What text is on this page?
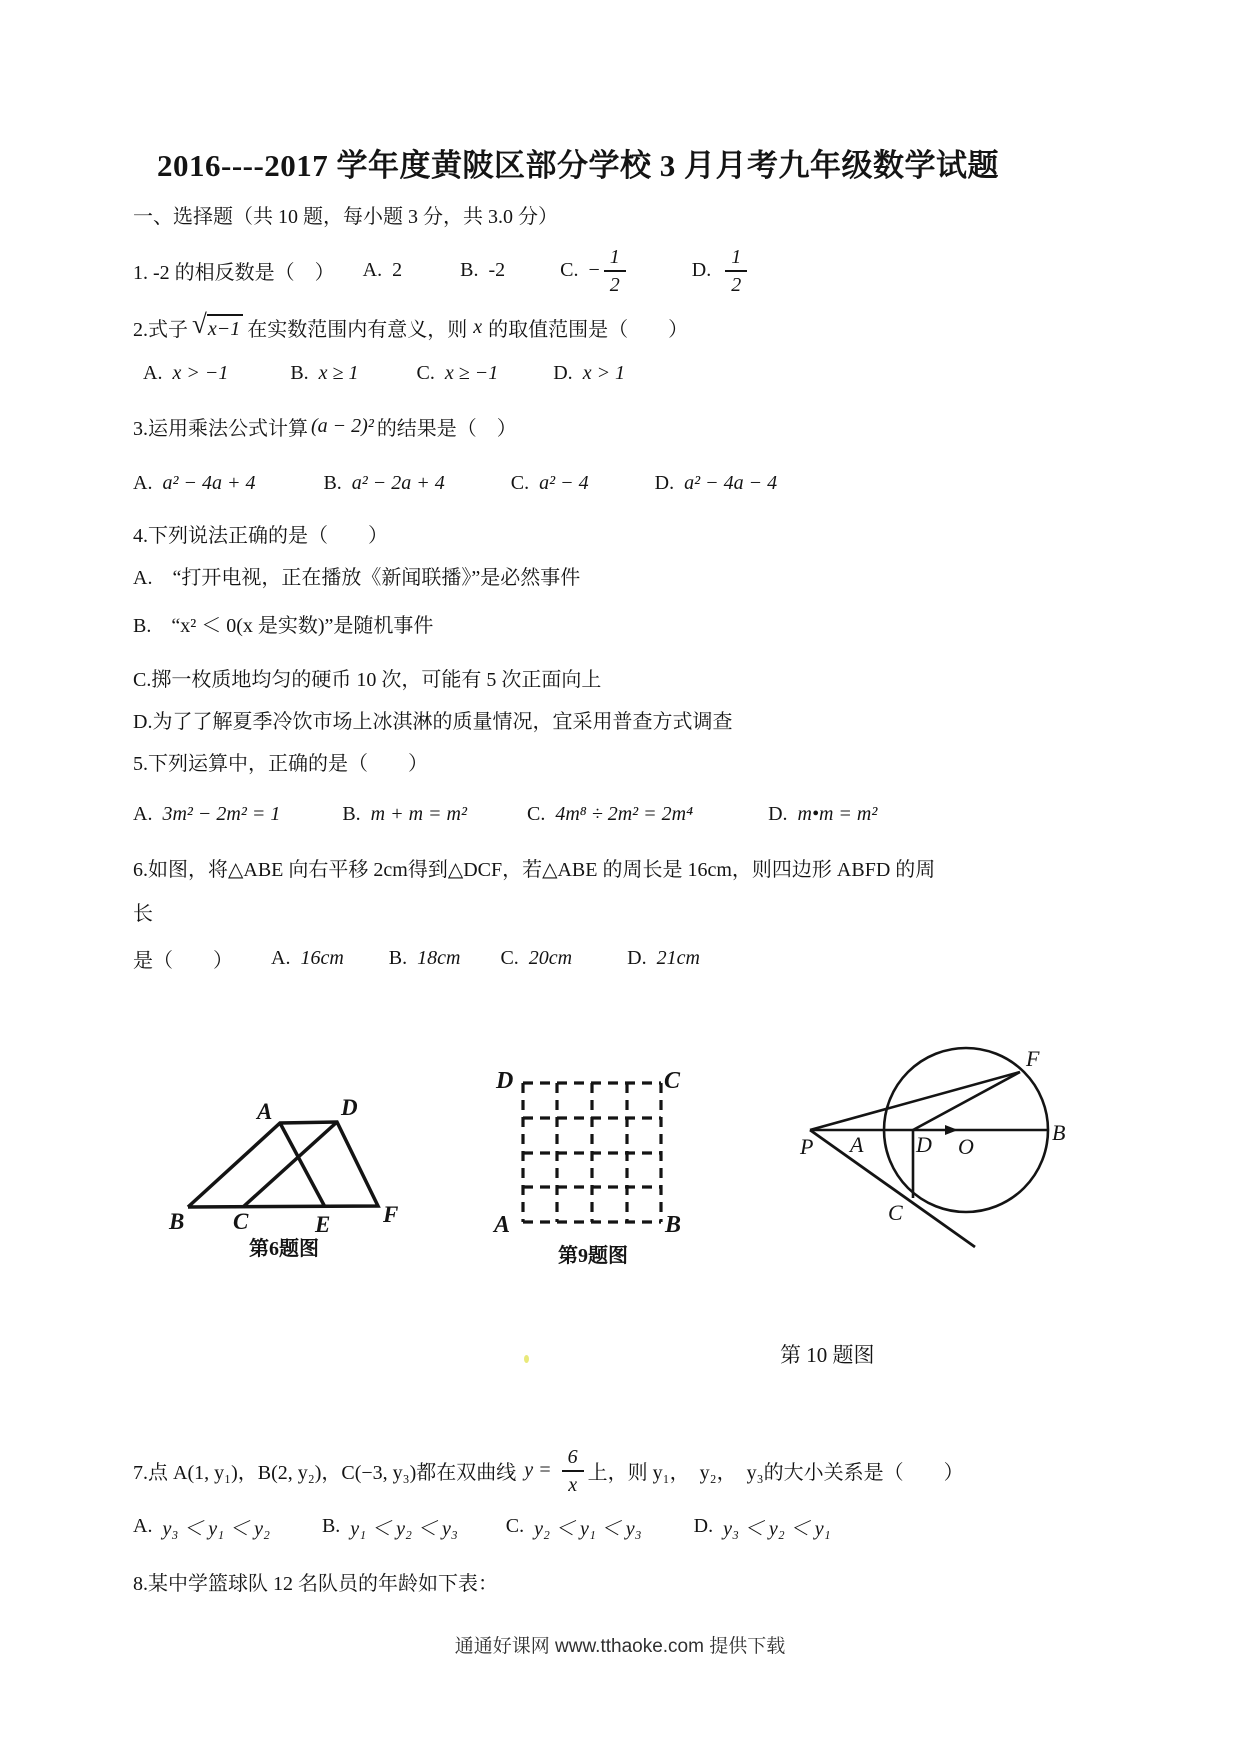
2016----2017 学年度黄陂区部分学校 3 月月考九年级数学试题
一、选择题（共 10 题，每小题 3 分，共 3.0 分）
1. -2 的相反数是（　） A. 2	B. -2	C. − $\frac{1}{2}$	D. $\frac{1}{2}$
2.式子 √ x−1 在实数范围内有意义，则 x 的取值范围是（　　）
A. x > −1	B. x ≥ 1	C. x ≥ −1	D. x > 1
3.运用乘法公式计算 (a − 2)² 的结果是（　）
A. a² − 4a + 4	B. a² − 2a + 4	C. a² − 4	D. a² − 4a − 4
4.下列说法正确的是（　　）
A.　“打开电视，正在播放《新闻联播》”是必然事件
B.　“x² ＜ 0(x 是实数)”是随机事件
C.掷一枚质地均匀的硬币 10 次，可能有 5 次正面向上
D.为了了解夏季冷饮市场上冰淇淋的质量情况，宜采用普查方式调查
5.下列运算中，正确的是（　　）
A. 3m² − 2m² = 1	B. m + m = m²	C. 4m⁸ ÷ 2m² = 2m⁴	D. m•m = m²
6.如图，将△ABE 向右平移 2cm得到△DCF，若△ABE 的周长是 16cm，则四边形 ABFD 的周
长
是（　　） A. 16cm B. 18cm C. 20cm	D. 21cm
A	D
B C	E F
第6题图
D	C
A	B
第9题图
P A D O
B
C
F
第 10 题图
7.点 A(1, y₁)，B(2, y₂)，C(−3, y₃)都在双曲线 $y = \frac{6}{x}$ 上，则 y₁，　y₂，　y₃的大小关系是（　　）
A. y₃ ＜ y₁ ＜ y₂	B. y₁ ＜ y₂ ＜ y₃ C. y₂ ＜ y₁ ＜ y₃	D. y₃ ＜ y₂ ＜ y₁
8.某中学篮球队 12 名队员的年龄如下表：
通通好课网 www.tthaoke.com 提供下载
